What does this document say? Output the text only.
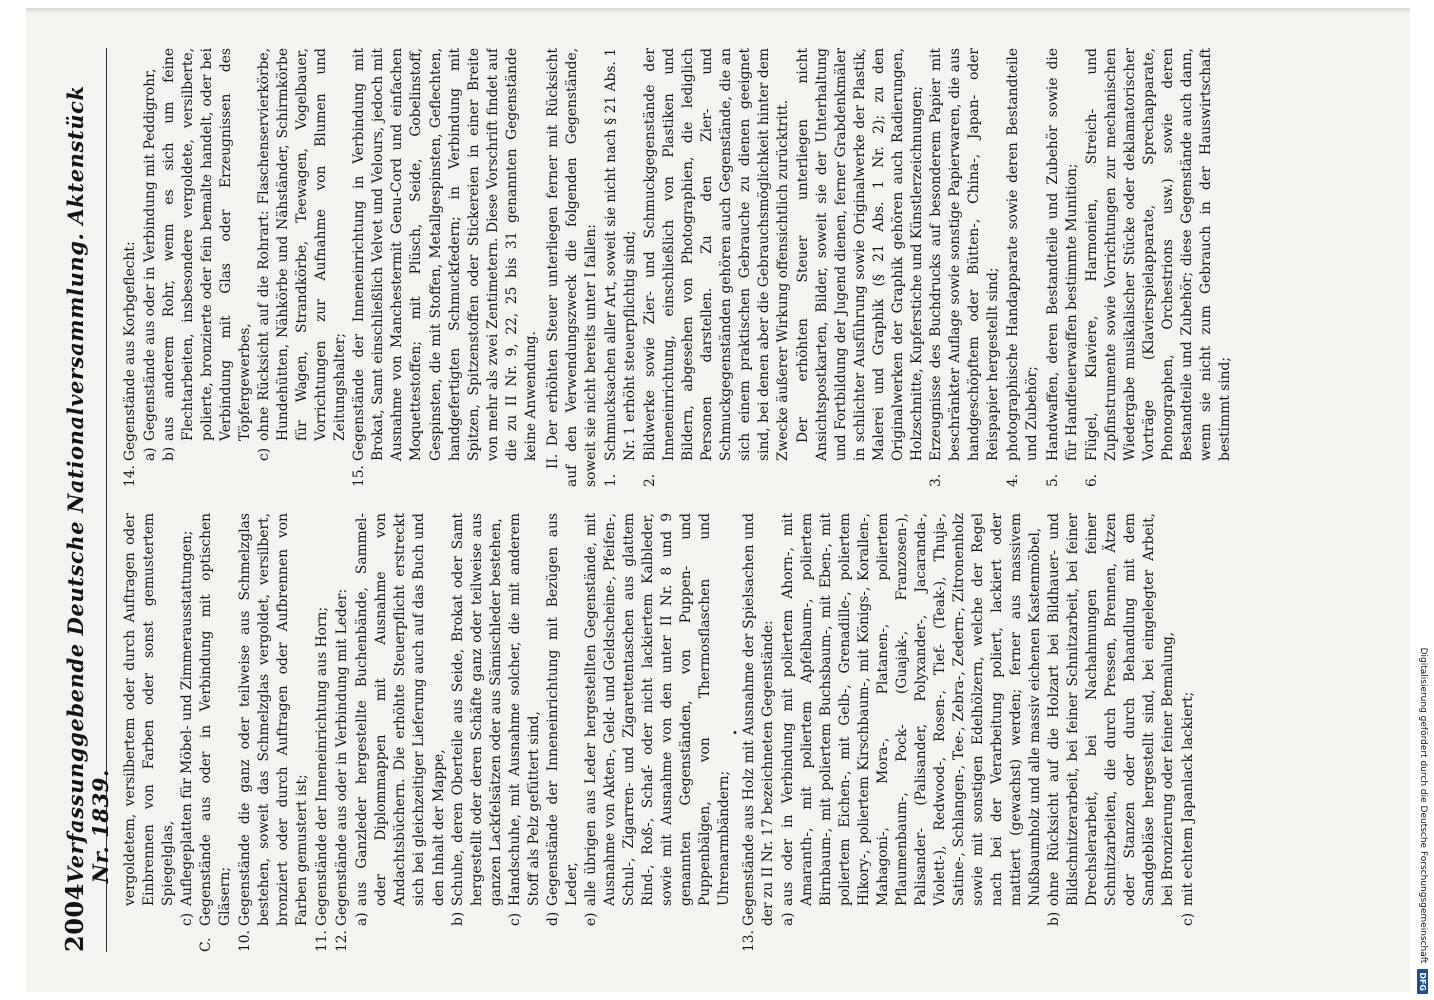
2004
Verfassunggebende Deutsche Nationalversammlung. Aktenstück Nr. 1839. vergoldetem, versilbertem oder durch Auftragen oder Einbrennen von Farben oder sonst gemustertem Spiegelglas,
c)
Auflegeplatten für Möbel- und Zimmerausstattungen;
C.
Gegenstände aus oder in Verbindung mit optischen Gläsern;
10.
Gegenstände die ganz oder teilweise aus Schmelzglas bestehen, soweit das Schmelzglas vergoldet, versilbert, bronziert oder durch Auftragen oder Aufbrennen von Farben gemustert ist;
11.
Gegenstände der Inneneinrichtung aus Horn;
12.
Gegenstände aus oder in Verbindung mit Leder: a)
aus Ganzleder hergestellte Buchenbände, Sammel- oder Diplommappen mit Ausnahme von Andachtsbüchern. Die erhöhte Steuerpflicht erstreckt sich bei gleichzeitiger Lieferung auch auf das Buch und den Inhalt der Mappe,
b)
Schuhe, deren Oberteile aus Seide, Brokat oder Samt hergestellt oder deren Schäfte ganz oder teilweise aus ganzen Lackfelsätzen oder aus Sämischleder bestehen,
c)
Handschuhe, mit Ausnahme solcher, die mit anderem Stoff als Pelz gefüttert sind,
d)
Gegenstände der Inneneinrichtung mit Bezügen aus Leder,
e)
alle übrigen aus Leder hergestellten Gegenstände, mit Ausnahme von Akten-, Geld- und Geldscheine-, Pfeifen-, Schul-, Zigarren- und Zigarettentaschen aus glattem Rind-, Roß-, Schaf- oder nicht lackiertem Kalbleder, sowie mit Ausnahme von den unter II Nr. 8 und 9 genannten Gegenständen, von Puppen- und Puppenbälgen, von Thermosflaschen und Uhrenarmbändern;
•
13.
Gegenstände aus Holz mit Ausnahme der Spielsachen und der zu II Nr. 17 bezeichneten Gegenstände: a)
aus oder in Verbindung mit poliertem Ahorn-, mit Amaranth-, mit poliertem Apfelbaum-, poliertem Birnbaum-, mit poliertem Buchsbaum-, mit Eben-, mit poliertem Eichen-, mit Gelb-, Grenadille-, poliertem Hikory-, poliertem Kirschbaum-, mit Königs-, Korallen-, Mahagoni-, Mora-, Platanen-, poliertem Pflaumenbaum-, Pock- (Guajak-, Franzosen-), Palisander- (Palisander, Polyxander-, Jacaranda-, Violett-), Redwood-, Rosen-, Tief- (Teak-), Thuja-, Satine-, Schlangen-, Tee-, Zebra-, Zedern-, Zitronenholz sowie mit sonstigen Edelhölzern, welche der Regel nach bei der Verarbeitung poliert, lackiert oder mattiert (gewachst) werden; ferner aus massivem Nußbaumholz und alle massiv eichenen Kastenmöbel,
b)
ohne Rücksicht auf die Holzart bei Bildhauer- und Bildschnitzerarbeit, bei feiner Schnitzarbeit, bei feiner Drechslerarbeit, bei Nachahmungen feiner Schnitzarbeiten, die durch Pressen, Brennen, Ätzen oder Stanzen oder durch Behandlung mit dem Sandgebläse hergestellt sind, bei eingelegter Arbeit, bei Bronzierung oder feiner Bemalung,
c)
mit echtem Japanlack lackiert;
14.
Gegenstände aus Korbgeflecht: a)
Gegenstände aus oder in Verbindung mit Peddigrohr,
b)
aus anderem Rohr, wenn es sich um feine Flechtarbeiten, insbesondere vergoldete, versilberte, polierte, bronzierte oder fein bemalte handelt, oder bei Verbindung mit Glas oder Erzeugnissen des Töpfergewerbes,
c)
ohne Rücksicht auf die Rohrart: Flaschenservierkörbe, Hundehütten, Nähkörbe und Nähständer, Schirmkörbe für Wagen, Strandkörbe, Teewagen, Vogelbauer, Vorrichtungen zur Aufnahme von Blumen und Zeitungshalter;
15.
Gegenstände der Inneneinrichtung in Verbindung mit Brokat, Samt einschließlich Velvet und Velours, jedoch mit Ausnahme von Manchestermit Genu-Cord und einfachen Moquettestoffen; mit Plüsch, Seide, Gobelinstoff, Gespinsten, die mit Stoffen, Metallgespinsten, Geflechten, handgefertigten Schmuckfedern; in Verbindung mit Spitzen, Spitzenstoffen oder Stickereien in einer Breite von mehr als zwei Zentimetern. Diese Vorschrift findet auf die zu II Nr. 9, 22, 25 bis 31 genannten Gegenstände keine Anwendung. II. Der erhöhten Steuer unterliegen ferner mit Rücksicht auf den Verwendungszweck die folgenden Gegenstände, soweit sie nicht bereits unter I fallen: 1.
Schmucksachen aller Art, soweit sie nicht nach § 21 Abs. 1 Nr. 1 erhöht steuerpflichtig sind;
2.
Bildwerke sowie Zier- und Schmuckgegenstände der Inneneinrichtung, einschließlich von Plastiken und Bildern, abgesehen von Photographien, die lediglich Personen darstellen. Zu den Zier- und Schmuckgegenständen gehören auch Gegenstände, die an sich einem praktischen Gebrauche zu dienen geeignet sind, bei denen aber die Gebrauchsmöglichkeit hinter dem Zwecke äußerer Wirkung offensichtlich zurücktritt. Der erhöhten Steuer unterliegen nicht Ansichtspostkarten, Bilder, soweit sie der Unterhaltung und Fortbildung der Jugend dienen, ferner Grabdenkmäler in schlichter Ausführung sowie Originalwerke der Plastik, Malerei und Graphik (§ 21 Abs. 1 Nr. 2); zu den Originalwerken der Graphik gehören auch Radierungen, Holzschnitte, Kupferstiche und Künstlerzeichnungen;
3.
Erzeugnisse des Buchdrucks auf besonderem Papier mit beschränkter Auflage sowie sonstige Papierwaren, die aus handgeschöpftem oder Bütten-, China-, Japan- oder Reispapier hergestellt sind;
4.
photographische Handapparate sowie deren Bestandteile und Zubehör;
5.
Handwaffen, deren Bestandteile und Zubehör sowie die für Handfeuerwaffen bestimmte Munition;
6.
Flügel, Klaviere, Harmonien, Streich- und Zupfinstrumente sowie Vorrichtungen zur mechanischen Wiedergabe musikalischer Stücke oder deklamatorischer Vorträge (Klavierspielapparate, Sprechapparate, Phonographen, Orchestrions usw.) sowie deren Bestandteile und Zubehör; diese Gegenstände auch dann, wenn sie nicht zum Gebrauch in der Hauswirtschaft bestimmt sind;
Digitalisierung gefördert durch die Deutsche Forschungsgemeinschaft
DFG
